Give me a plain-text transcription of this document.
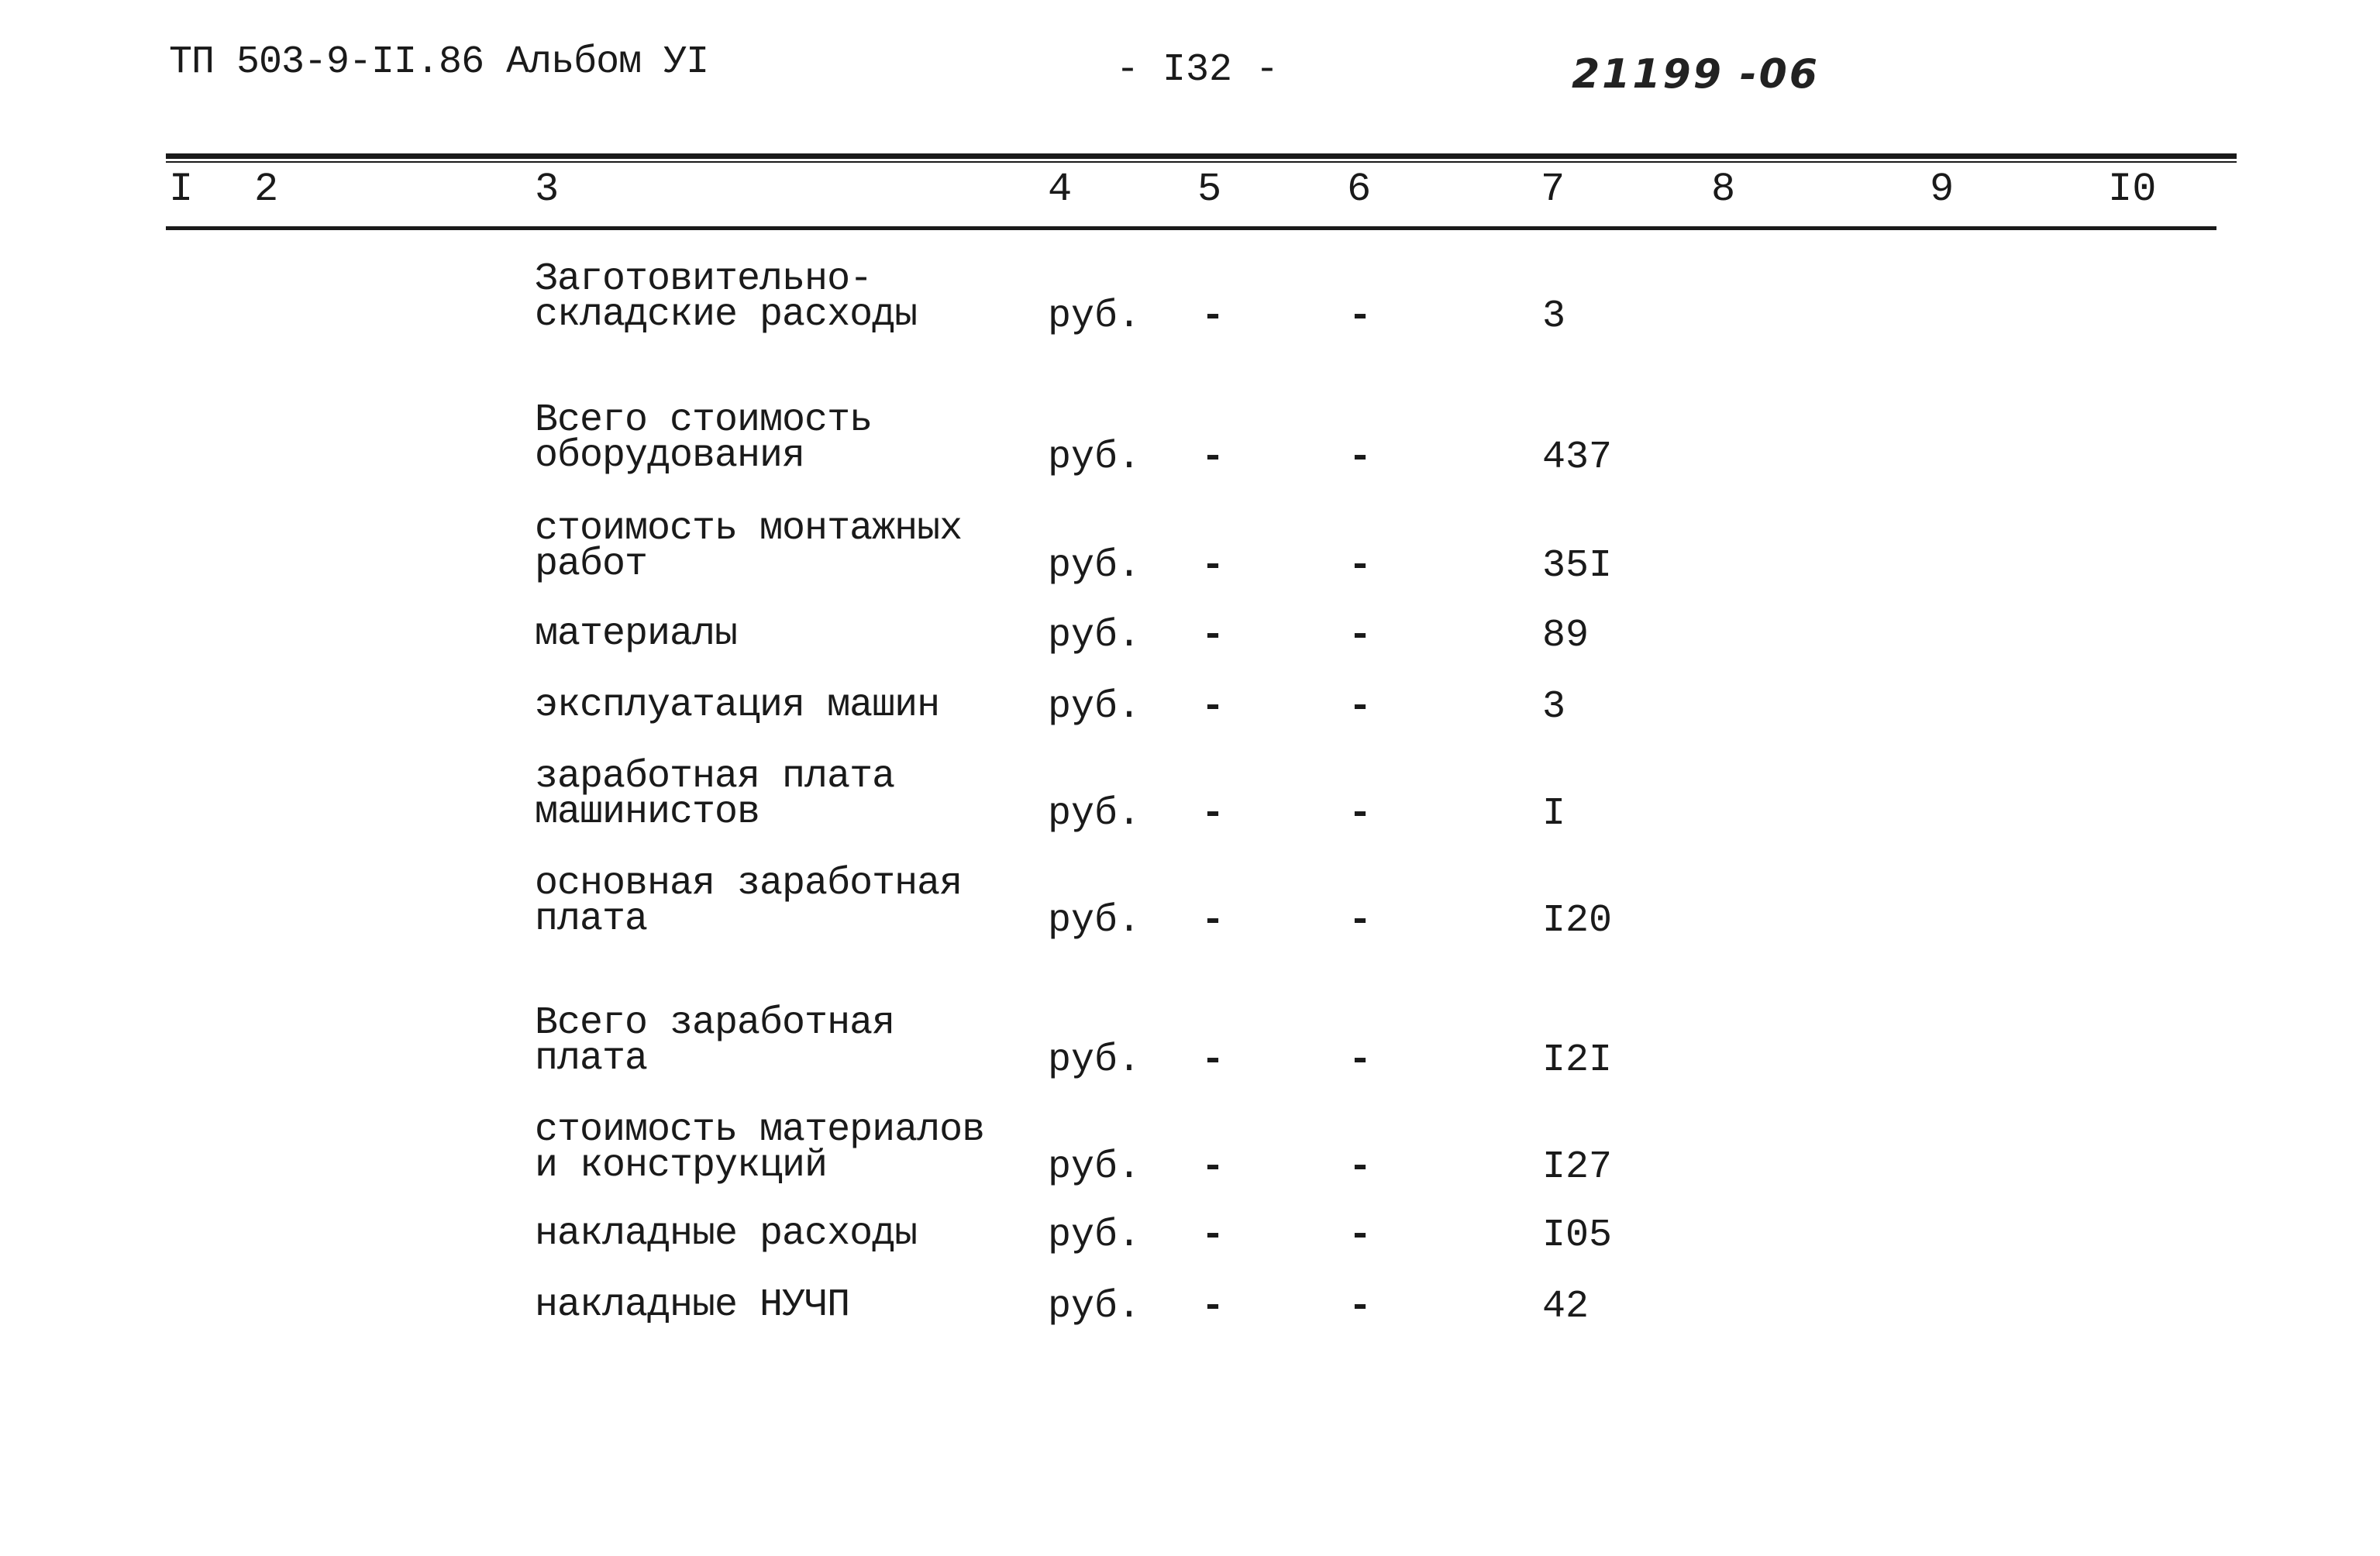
ТП 503-9-II.86 Альбом УI	- I32 -	21199 -06
I 2	3	4	5	6	7	8	9	I0
Заготовительно-
складские расходы	руб. -	-	3
Всего стоимость
оборудования	руб. -	-	437
стоимость монтажных
работ	руб. -	-	35I
материалы	руб. -	-	89
эксплуатация машин	руб. -	-	3
заработная плата
машинистов	руб. -	-	I
основная заработная
плата	руб. -	-	I20
Всего заработная
плата	руб. -	-	I2I
стоимость материалов
и конструкций	руб. -	-	I27
накладные расходы	руб. -	-	I05
накладные НУЧП	руб. -	-	42
